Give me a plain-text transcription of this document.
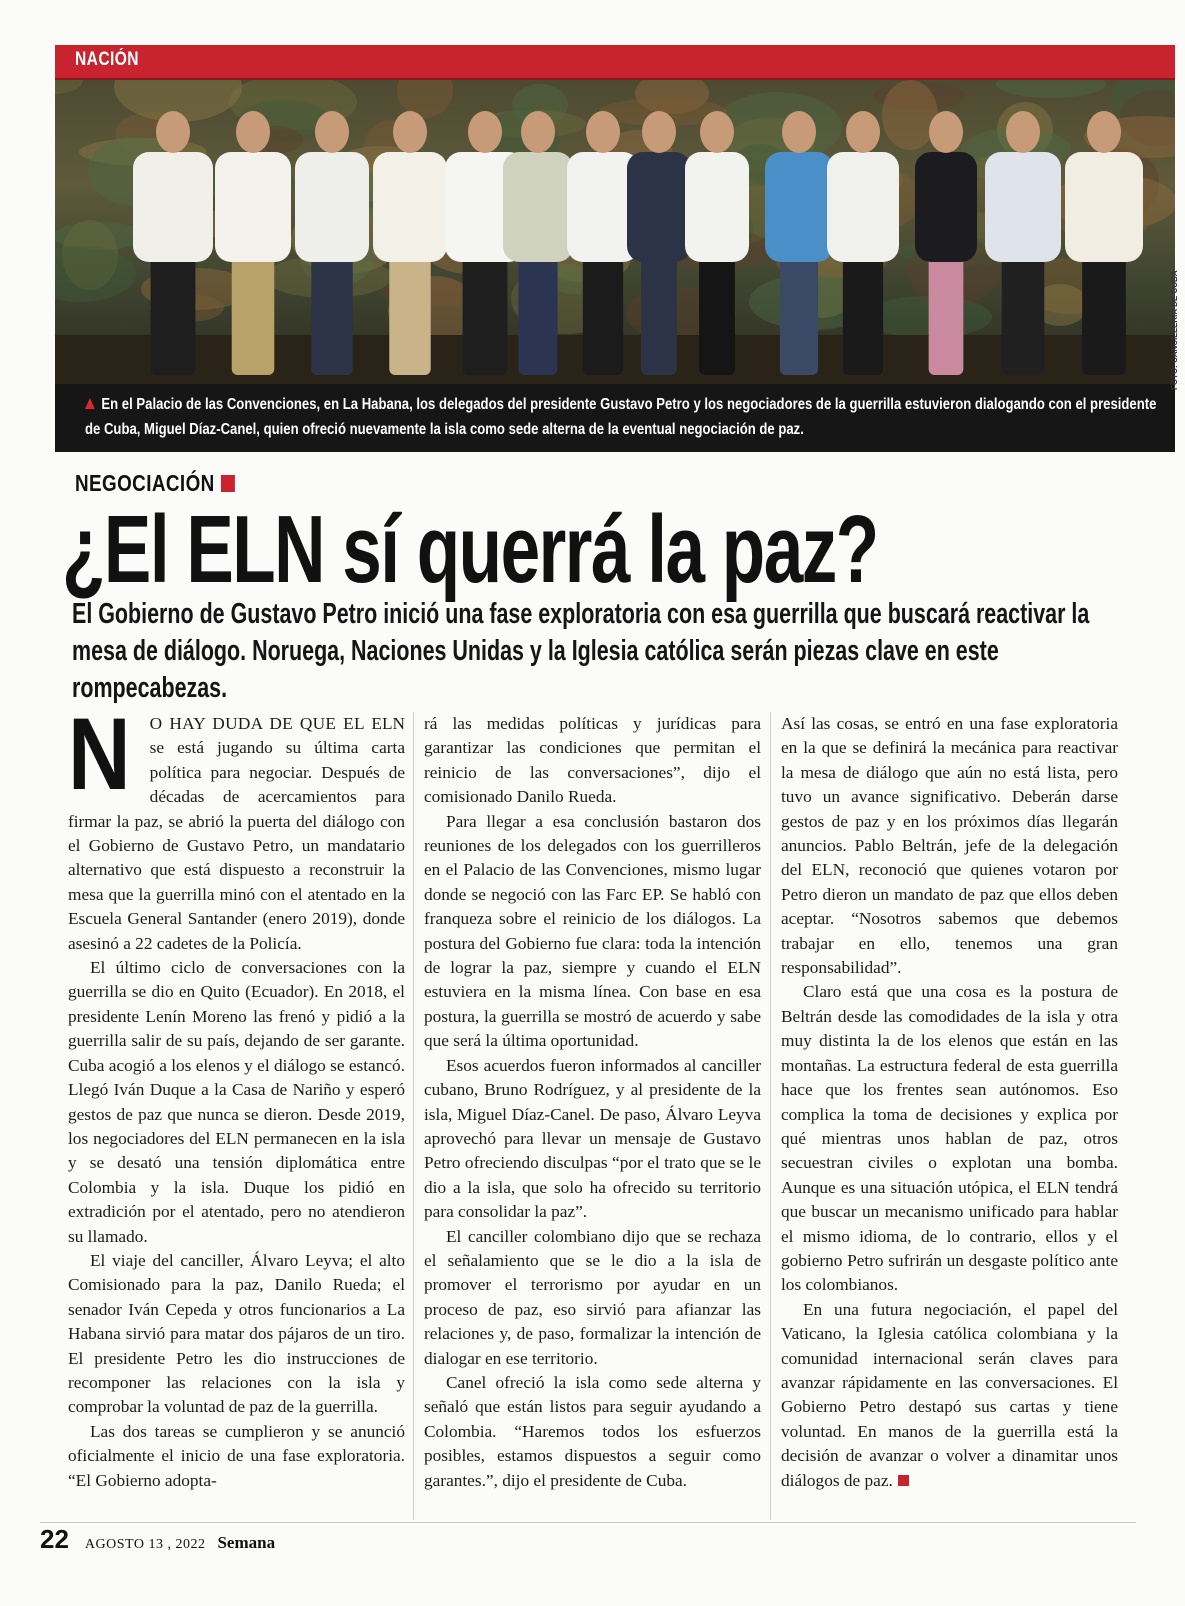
NACIÓN
En el Palacio de las Convenciones, en La Habana, los delegados del presidente Gustavo Petro y los negociadores de la guerrilla estuvieron dialogando con el presidente de Cuba, Miguel Díaz-Canel, quien ofreció nuevamente la isla como sede alterna de la eventual negociación de paz.
FOTO: CANCILLERÍA DE CUBA
NEGOCIACIÓN
¿El ELN sí querrá la paz?

El Gobierno de Gustavo Petro inició una fase exploratoria con esa guerrilla que buscará reactivar la mesa de diálogo. Noruega, Naciones Unidas y la Iglesia católica serán piezas clave en este rompecabezas.

N O HAY DUDA DE QUE EL ELN se está jugando su última carta política para negociar. Después de décadas de acercamientos para firmar la paz, se abrió la puerta del diálogo con el Gobierno de Gustavo Petro, un mandatario alternativo que está dispuesto a reconstruir la mesa que la guerrilla minó con el atentado en la Escuela General Santander (enero 2019), donde asesinó a 22 cadetes de la Policía.

El último ciclo de conversaciones con la guerrilla se dio en Quito (Ecuador). En 2018, el presidente Lenín Moreno las frenó y pidió a la guerrilla salir de su país, dejando de ser garante. Cuba acogió a los elenos y el diálogo se estancó. Llegó Iván Duque a la Casa de Nariño y esperó gestos de paz que nunca se dieron. Desde 2019, los negociadores del ELN permanecen en la isla y se desató una tensión diplomática entre Colombia y la isla. Duque los pidió en extradición por el atentado, pero no atendieron su llamado.

El viaje del canciller, Álvaro Leyva; el alto Comisionado para la paz, Danilo Rueda; el senador Iván Cepeda y otros funcionarios a La Habana sirvió para matar dos pájaros de un tiro. El presidente Petro les dio instrucciones de recomponer las relaciones con la isla y comprobar la voluntad de paz de la guerrilla.

Las dos tareas se cumplieron y se anunció oficialmente el inicio de una fase exploratoria. “El Gobierno adopta-

rá las medidas políticas y jurídicas para garantizar las condiciones que permitan el reinicio de las conversaciones”, dijo el comisionado Danilo Rueda.

Para llegar a esa conclusión bastaron dos reuniones de los delegados con los guerrilleros en el Palacio de las Convenciones, mismo lugar donde se negoció con las Farc EP. Se habló con franqueza sobre el reinicio de los diálogos. La postura del Gobierno fue clara: toda la intención de lograr la paz, siempre y cuando el ELN estuviera en la misma línea. Con base en esa postura, la guerrilla se mostró de acuerdo y sabe que será la última oportunidad.

Esos acuerdos fueron informados al canciller cubano, Bruno Rodríguez, y al presidente de la isla, Miguel Díaz-Canel. De paso, Álvaro Leyva aprovechó para llevar un mensaje de Gustavo Petro ofreciendo disculpas “por el trato que se le dio a la isla, que solo ha ofrecido su territorio para consolidar la paz”.

El canciller colombiano dijo que se rechaza el señalamiento que se le dio a la isla de promover el terrorismo por ayudar en un proceso de paz, eso sirvió para afianzar las relaciones y, de paso, formalizar la intención de dialogar en ese territorio.

Canel ofreció la isla como sede alterna y señaló que están listos para seguir ayudando a Colombia. “Haremos todos los esfuerzos posibles, estamos dispuestos a seguir como garantes.”, dijo el presidente de Cuba.

Así las cosas, se entró en una fase exploratoria en la que se definirá la mecánica para reactivar la mesa de diálogo que aún no está lista, pero tuvo un avance significativo. Deberán darse gestos de paz y en los próximos días llegarán anuncios. Pablo Beltrán, jefe de la delegación del ELN, reconoció que quienes votaron por Petro dieron un mandato de paz que ellos deben aceptar. “Nosotros sabemos que debemos trabajar en ello, tenemos una gran responsabilidad”.

Claro está que una cosa es la postura de Beltrán desde las comodidades de la isla y otra muy distinta la de los elenos que están en las montañas. La estructura federal de esta guerrilla hace que los frentes sean autónomos. Eso complica la toma de decisiones y explica por qué mientras unos hablan de paz, otros secuestran civiles o explotan una bomba. Aunque es una situación utópica, el ELN tendrá que buscar un mecanismo unificado para hablar el mismo idioma, de lo contrario, ellos y el gobierno Petro sufrirán un desgaste político ante los colombianos.

En una futura negociación, el papel del Vaticano, la Iglesia católica colombiana y la comunidad internacional serán claves para avanzar rápidamente en las conversaciones. El Gobierno Petro destapó sus cartas y tiene voluntad. En manos de la guerrilla está la decisión de avanzar o volver a dinamitar unos diálogos de paz.

22 AGOSTO 13 , 2022 Semana
